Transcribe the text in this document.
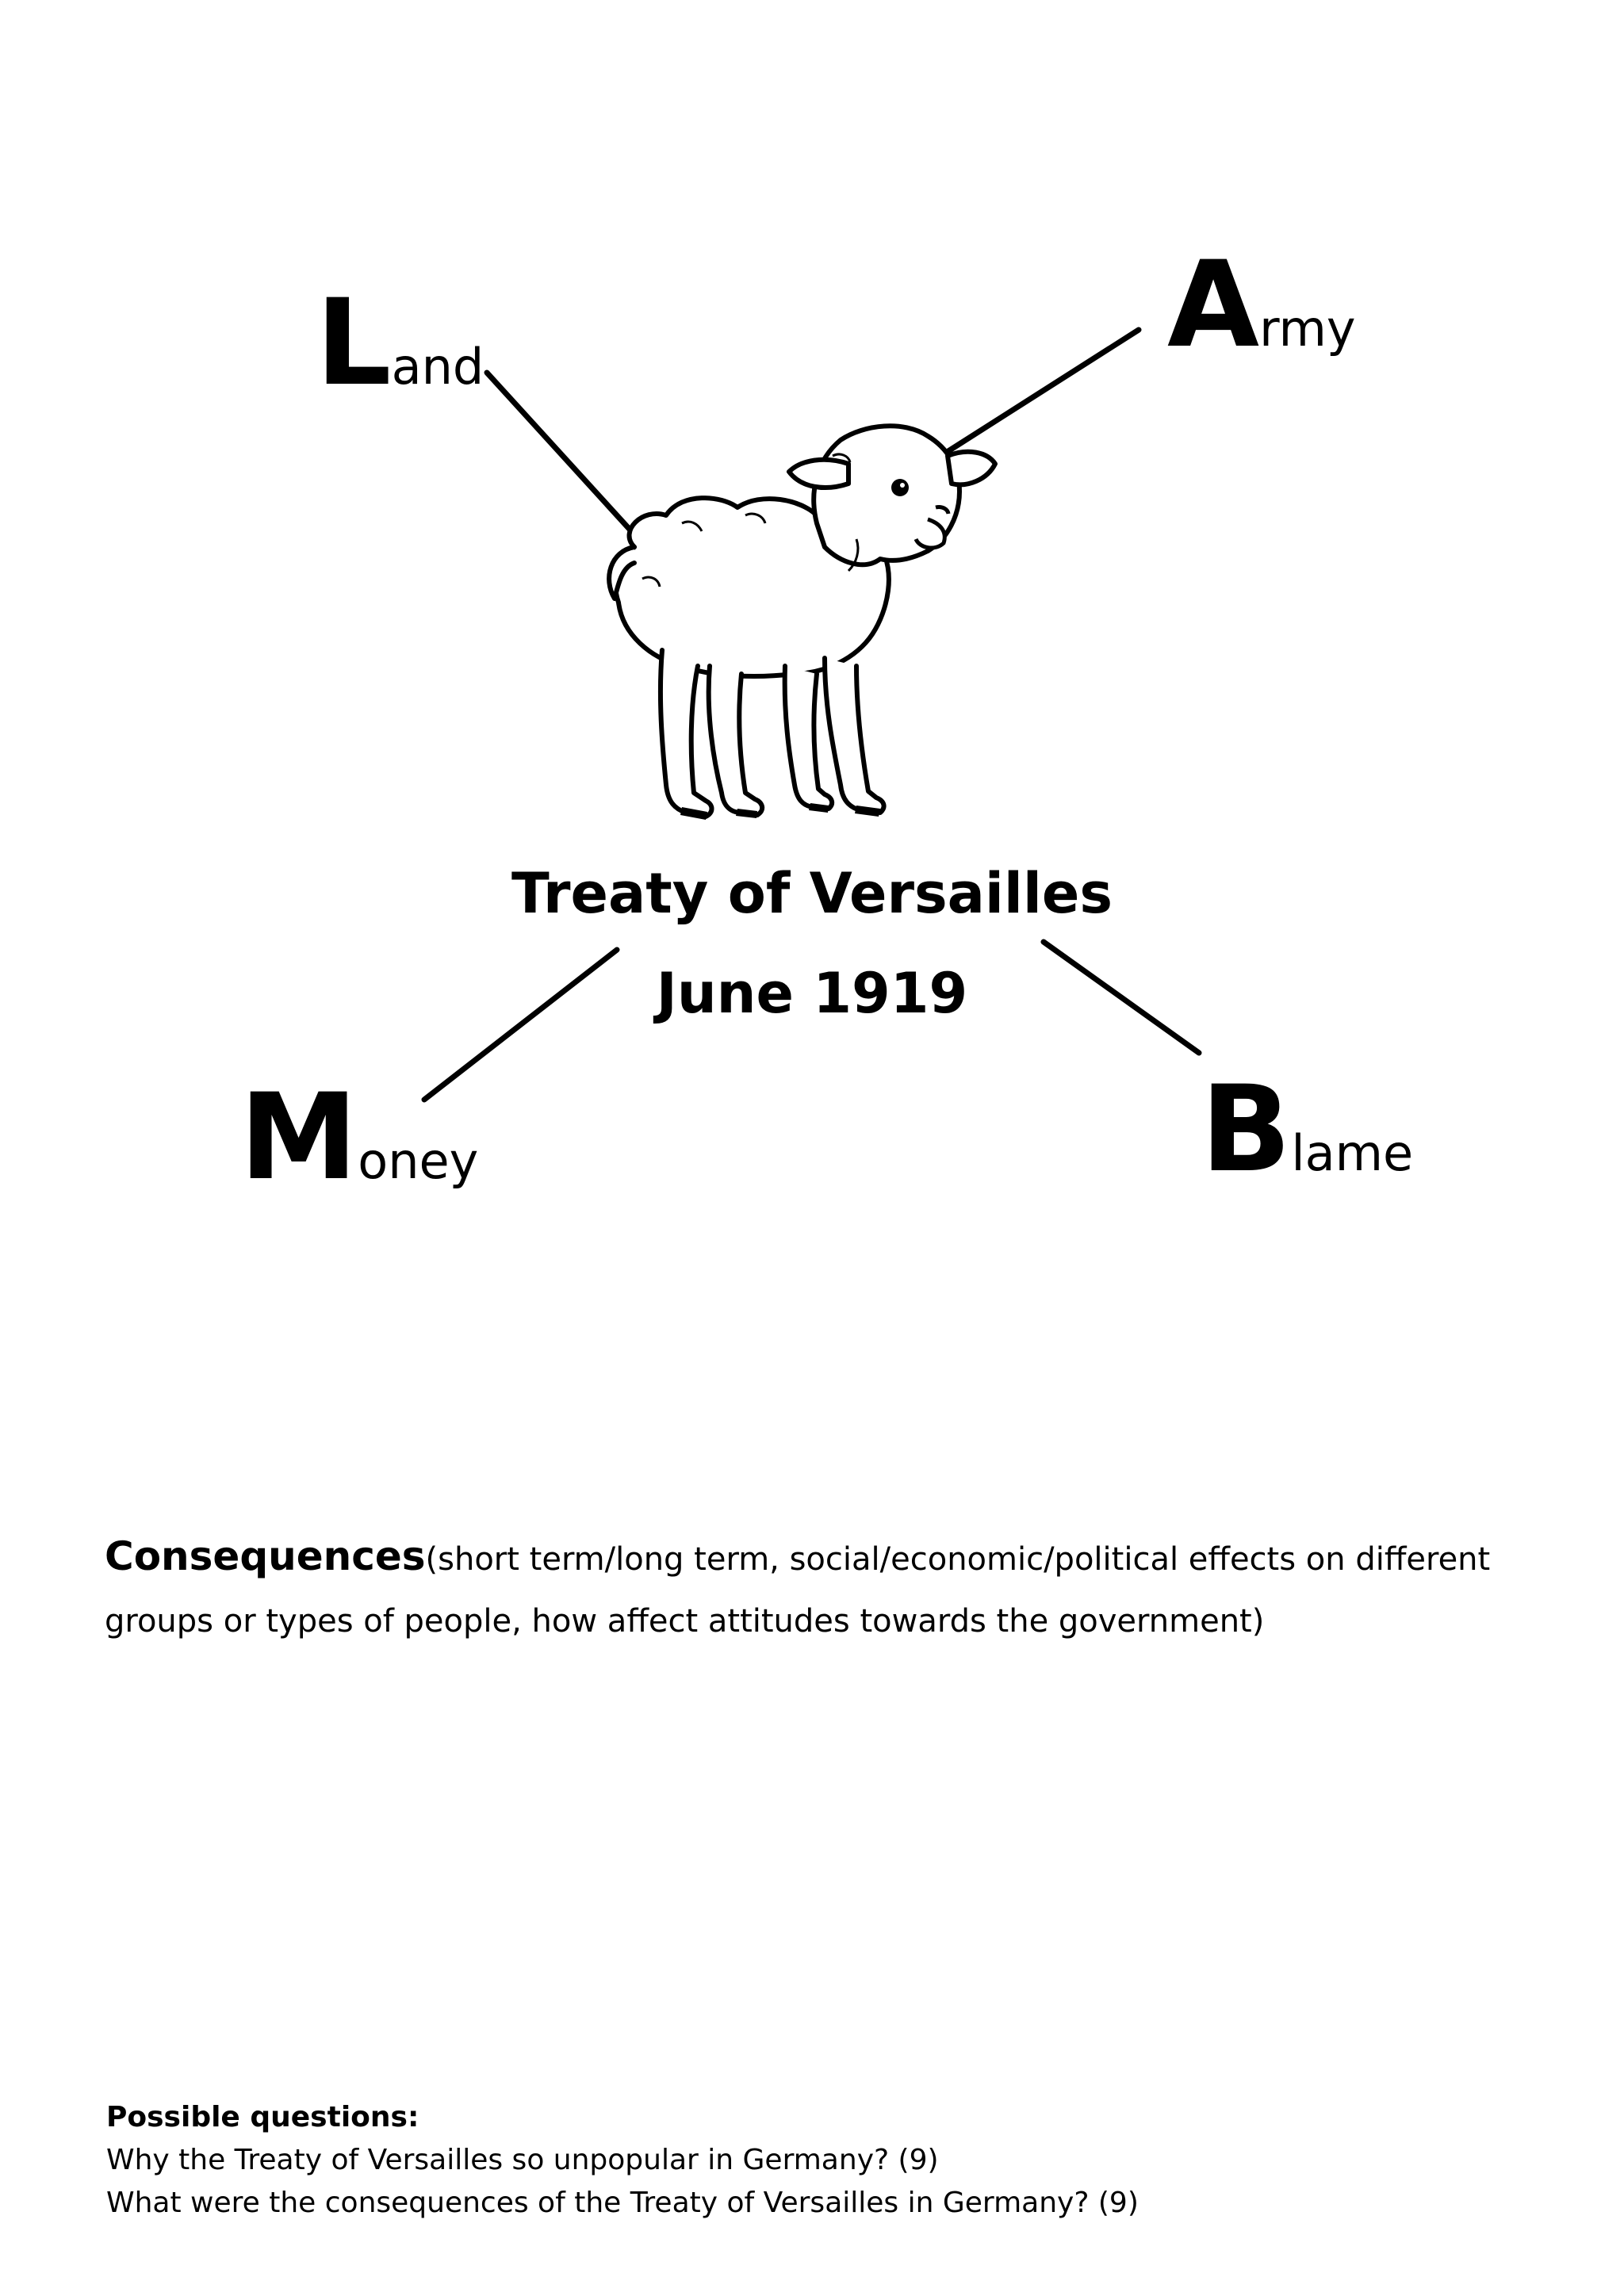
Land	Army
Money	Blame
Treaty of Versailles
June 1919
Consequences(short term/long term, social/economic/political effects on different
groups or types of people, how affect attitudes towards the government)
Possible questions:
Why the Treaty of Versailles so unpopular in Germany? (9)
What were the consequences of the Treaty of Versailles in Germany? (9)
